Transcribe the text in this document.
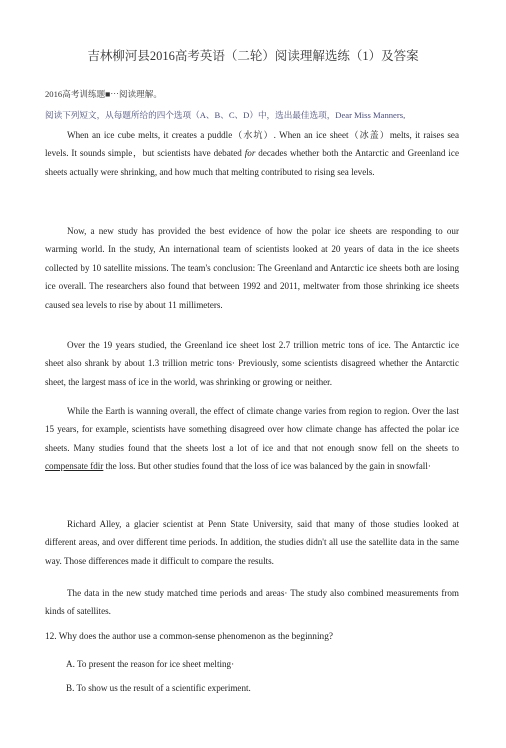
吉林柳河县2016高考英语（二轮）阅读理解选练（1）及答案
2016高考训练题■⋯阅读理解。
阅读下列短文，从每题所给的四个选项（A、B、C、D）中，选出最佳选项，Dear Miss Manners,

When an ice cube melts, it creates a puddle（水坑）. When an ice sheet（冰盖）melts, it raises sea levels. It sounds simple，but scientists have debated for decades whether both the Antarctic and Greenland ice sheets actually were shrinking, and how much that melting contributed to rising sea levels.

Now, a new study has provided the best evidence of how the polar ice sheets are responding to our warming world. In the study, An international team of scientists looked at 20 years of data in the ice sheets collected by 10 satellite missions. The team's conclusion: The Greenland and Antarctic ice sheets both are losing ice overall. The researchers also found that between 1992 and 2011, meltwater from those shrinking ice sheets caused sea levels to rise by about 11 millimeters.

Over the 19 years studied, the Greenland ice sheet lost 2.7 trillion metric tons of ice. The Antarctic ice sheet also shrank by about 1.3 trillion metric tons· Previously, some scientists disagreed whether the Antarctic sheet, the largest mass of ice in the world, was shrinking or growing or neither.

While the Earth is wanning overall, the effect of climate change varies from region to region. Over the last 15 years, for example, scientists have something disagreed over how climate change has affected the polar ice sheets. Many studies found that the sheets lost a lot of ice and that not enough snow fell on the sheets to compensate fdir the loss. But other studies found that the loss of ice was balanced by the gain in snowfall·

Richard Alley, a glacier scientist at Penn State University, said that many of those studies looked at different areas, and over different time periods. In addition, the studies didn't all use the satellite data in the same way. Those differences made it difficult to compare the results.

The data in the new study matched time periods and areas· The study also combined measurements from kinds of satellites.

12. Why does the author use a common-sense phenomenon as the beginning?
A. To present the reason for ice sheet melting·
B. To show us the result of a scientific experiment.
